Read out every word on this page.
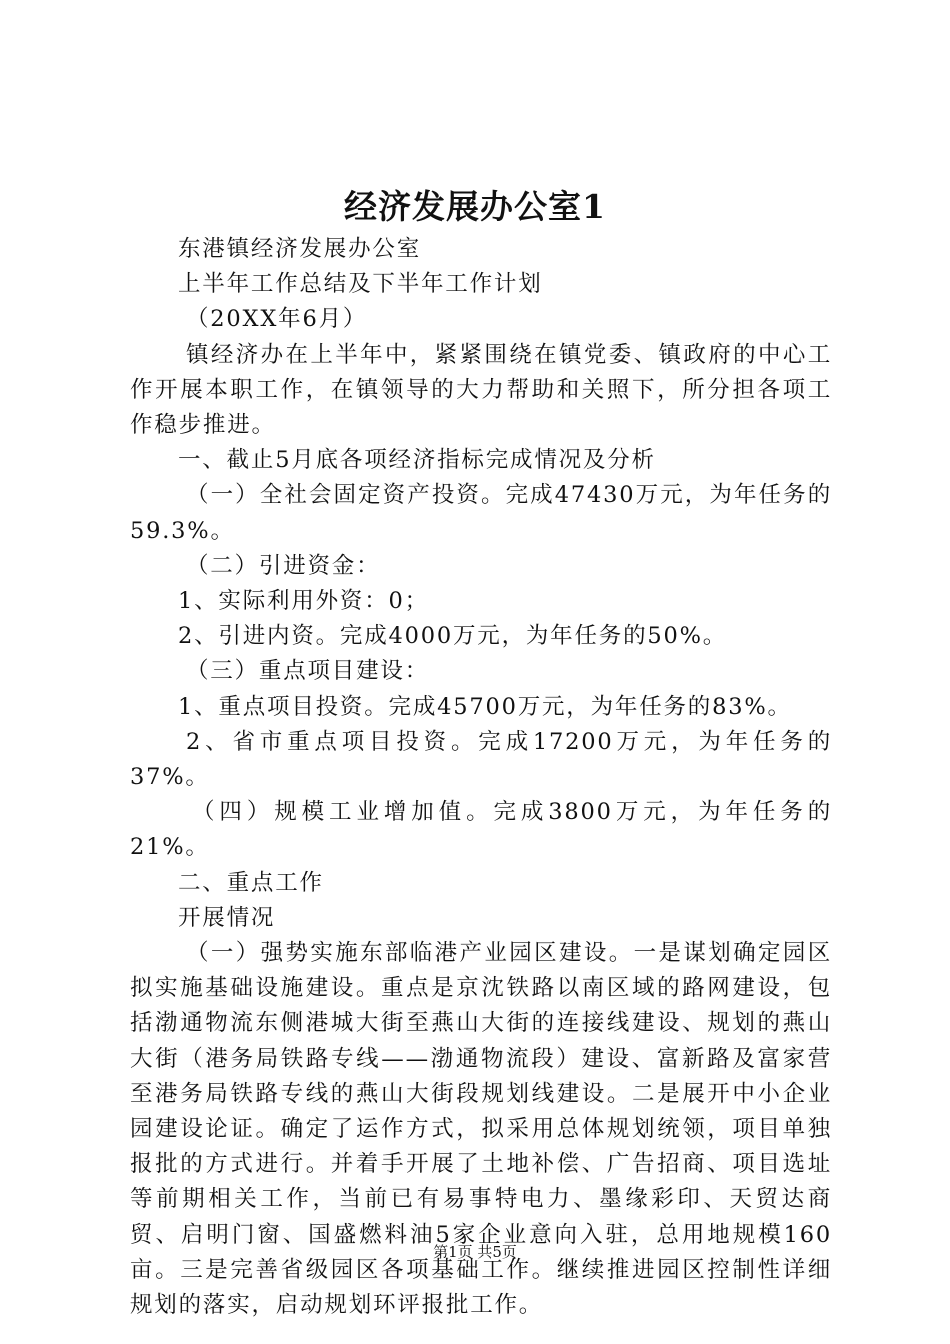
经济发展办公室1

东港镇经济发展办公室

上半年工作总结及下半年工作计划

（20XX年6月）

镇经济办在上半年中，紧紧围绕在镇党委、镇政府的中心工作开展本职工作，在镇领导的大力帮助和关照下，所分担各项工作稳步推进。

一、截止5月底各项经济指标完成情况及分析

（一）全社会固定资产投资。完成47430万元，为年任务的59.3%。

（二）引进资金：

1、实际利用外资：0；

2、引进内资。完成4000万元，为年任务的50%。

（三）重点项目建设：

1、重点项目投资。完成45700万元，为年任务的83%。

2、省市重点项目投资。完成17200万元，为年任务的37%。

（四）规模工业增加值。完成3800万元，为年任务的21%。

二、重点工作

开展情况

（一）强势实施东部临港产业园区建设。一是谋划确定园区拟实施基础设施建设。重点是京沈铁路以南区域的路网建设，包括渤通物流东侧港城大街至燕山大街的连接线建设、规划的燕山大街（港务局铁路专线——渤通物流段）建设、富新路及富家营至港务局铁路专线的燕山大街段规划线建设。二是展开中小企业园建设论证。确定了运作方式，拟采用总体规划统领，项目单独报批的方式进行。并着手开展了土地补偿、广告招商、项目选址等前期相关工作，当前已有易事特电力、墨缘彩印、天贸达商贸、启明门窗、国盛燃料油5家企业意向入驻，总用地规模160亩。三是完善省级园区各项基础工作。继续推进园区控制性详细规划的落实，启动规划环评报批工作。

第1页 共5页
